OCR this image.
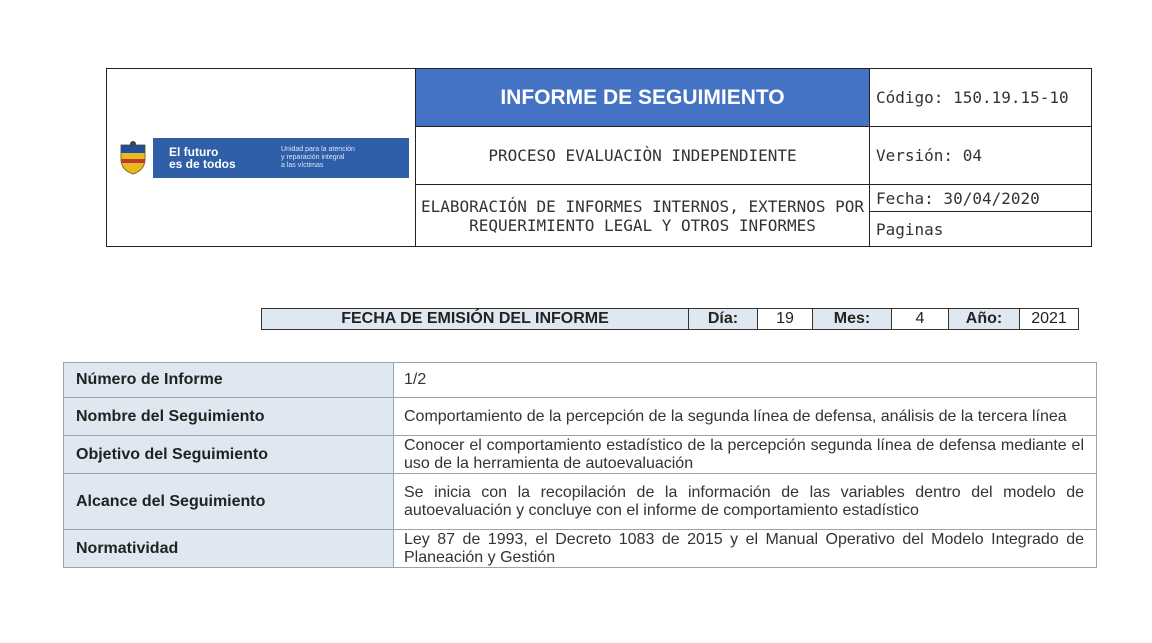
El futuro
es de todos
Unidad para la atención
y reparación integral
a las víctimas	INFORME DE SEGUIMIENTO	Código: 150.19.15-10
	PROCESO EVALUACIÒN INDEPENDIENTE	Versión: 04
	ELABORACIÓN DE INFORMES INTERNOS, EXTERNOS POR REQUERIMIENTO LEGAL Y OTROS INFORMES	Fecha: 30/04/2020
		Paginas
FECHA DE EMISIÓN DEL INFORME	Día:	19	Mes:	4	Año:	2021
Número de Informe	1/2
Nombre del Seguimiento	Comportamiento de la percepción de la segunda línea de defensa, análisis de la tercera línea
Objetivo del Seguimiento	Conocer el comportamiento estadístico de la percepción segunda línea de defensa mediante el uso de la herramienta de autoevaluación
Alcance del Seguimiento	Se inicia con la recopilación de la información de las variables dentro del modelo de autoevaluación y concluye con el informe de comportamiento estadístico
Normatividad	Ley 87 de 1993, el Decreto 1083 de 2015 y el Manual Operativo del Modelo Integrado de Planeación y Gestión
